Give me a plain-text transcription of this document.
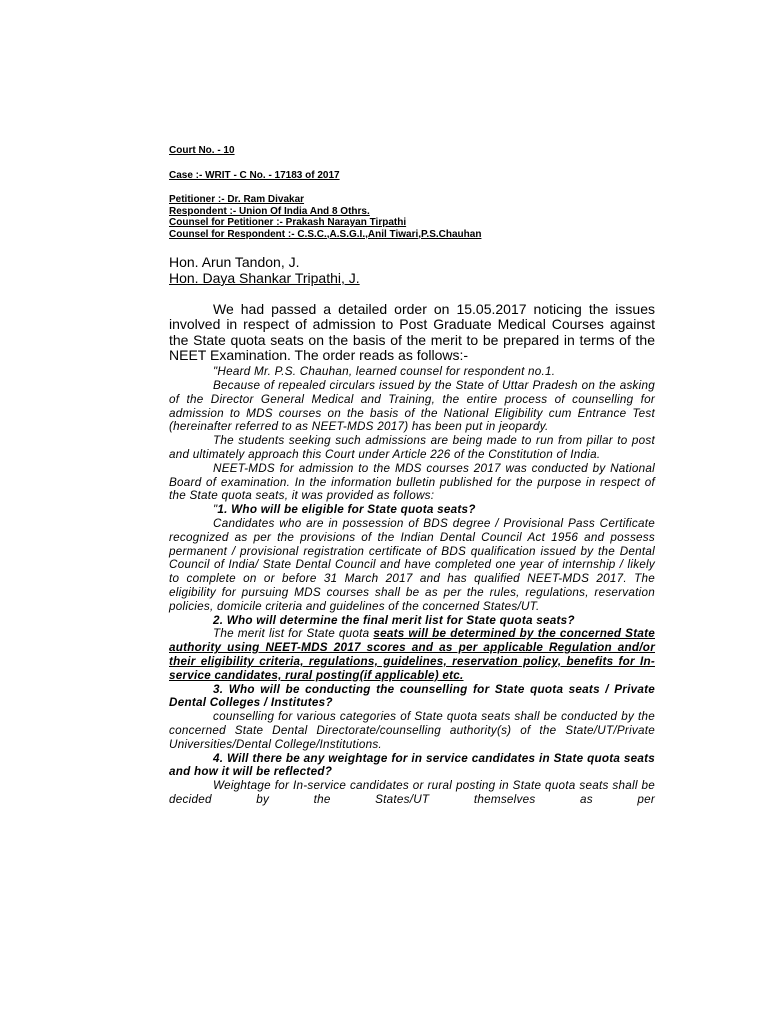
Court No. - 10

Case :- WRIT - C No. - 17183 of 2017

Petitioner :- Dr. Ram Divakar

Respondent :- Union Of India And 8 Othrs.

Counsel for Petitioner :- Prakash Narayan Tirpathi

Counsel for Respondent :- C.S.C.,A.S.G.I.,Anil Tiwari,P.S.Chauhan

Hon. Arun Tandon, J.

Hon. Daya Shankar Tripathi, J.

We had passed a detailed order on 15.05.2017 noticing the issues involved in respect of admission to Post Graduate Medical Courses against the State quota seats on the basis of the merit to be prepared in terms of the NEET Examination. The order reads as follows:-

"Heard Mr. P.S. Chauhan, learned counsel for respondent no.1.

Because of repealed circulars issued by the State of Uttar Pradesh on the asking of the Director General Medical and Training, the entire process of counselling for admission to MDS courses on the basis of the National Eligibility cum Entrance Test (hereinafter referred to as NEET-MDS 2017) has been put in jeopardy.

The students seeking such admissions are being made to run from pillar to post and ultimately approach this Court under Article 226 of the Constitution of India.

NEET-MDS for admission to the MDS courses 2017 was conducted by National Board of examination. In the information bulletin published for the purpose in respect of the State quota seats, it was provided as follows:

"1. Who will be eligible for State quota seats?

Candidates who are in possession of BDS degree / Provisional Pass Certificate recognized as per the provisions of the Indian Dental Council Act 1956 and possess permanent / provisional registration certificate of BDS qualification issued by the Dental Council of India/ State Dental Council and have completed one year of internship / likely to complete on or before 31 March 2017 and has qualified NEET-MDS 2017. The eligibility for pursuing MDS courses shall be as per the rules, regulations, reservation policies, domicile criteria and guidelines of the concerned States/UT.

2. Who will determine the final merit list for State quota seats?

The merit list for State quota seats will be determined by the concerned State authority using NEET-MDS 2017 scores and as per applicable Regulation and/or their eligibility criteria, regulations, guidelines, reservation policy, benefits for In-service candidates, rural posting(if applicable) etc.

3. Who will be conducting the counselling for State quota seats / Private Dental Colleges / Institutes?

counselling for various categories of State quota seats shall be conducted by the concerned State Dental Directorate/counselling authority(s) of the State/UT/Private Universities/Dental College/Institutions.

4. Will there be any weightage for in service candidates in State quota seats and how it will be reflected?

Weightage for In-service candidates or rural posting in State quota seats shall be decided by the States/UT themselves as per
